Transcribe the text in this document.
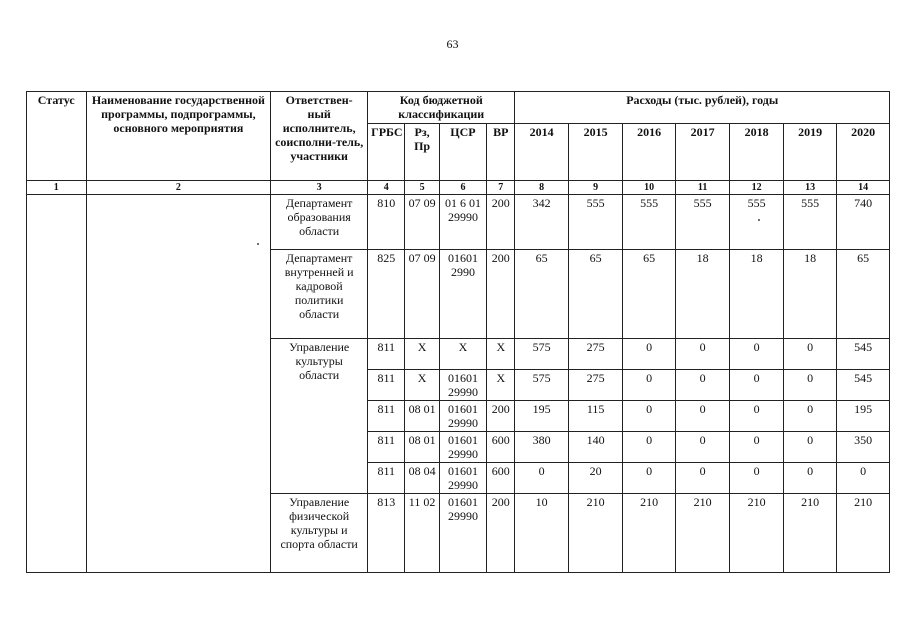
63
Статус	Наименование государственной программы, подпрограммы, основного мероприятия	Ответствен-ный исполнитель, соисполни-тель, участники	Код бюджетной классификации				Расходы (тыс. рублей), годы						
			ГРБС	Рз, Пр	ЦСР	ВР	2014	2015	2016	2017	2018	2019	2020
1	2	3	4	5	6	7	8	9	10	11	12	13	14
		Департамент образования области	810	07 09	01 6 01 29990	200	342	555	555	555	555	555	740
		Департамент внутренней и кадровой политики области	825	07 09	01601 2990	200	65	65	65	18	18	18	65
		Управление культуры области	811	X	X	X	575	275	0	0	0	0	545
			811	X	01601 29990	X	575	275	0	0	0	0	545
			811	08 01	01601 29990	200	195	115	0	0	0	0	195
			811	08 01	01601 29990	600	380	140	0	0	0	0	350
			811	08 04	01601 29990	600	0	20	0	0	0	0	0
		Управление физической культуры и спорта области	813	11 02	01601 29990	200	10	210	210	210	210	210	210
